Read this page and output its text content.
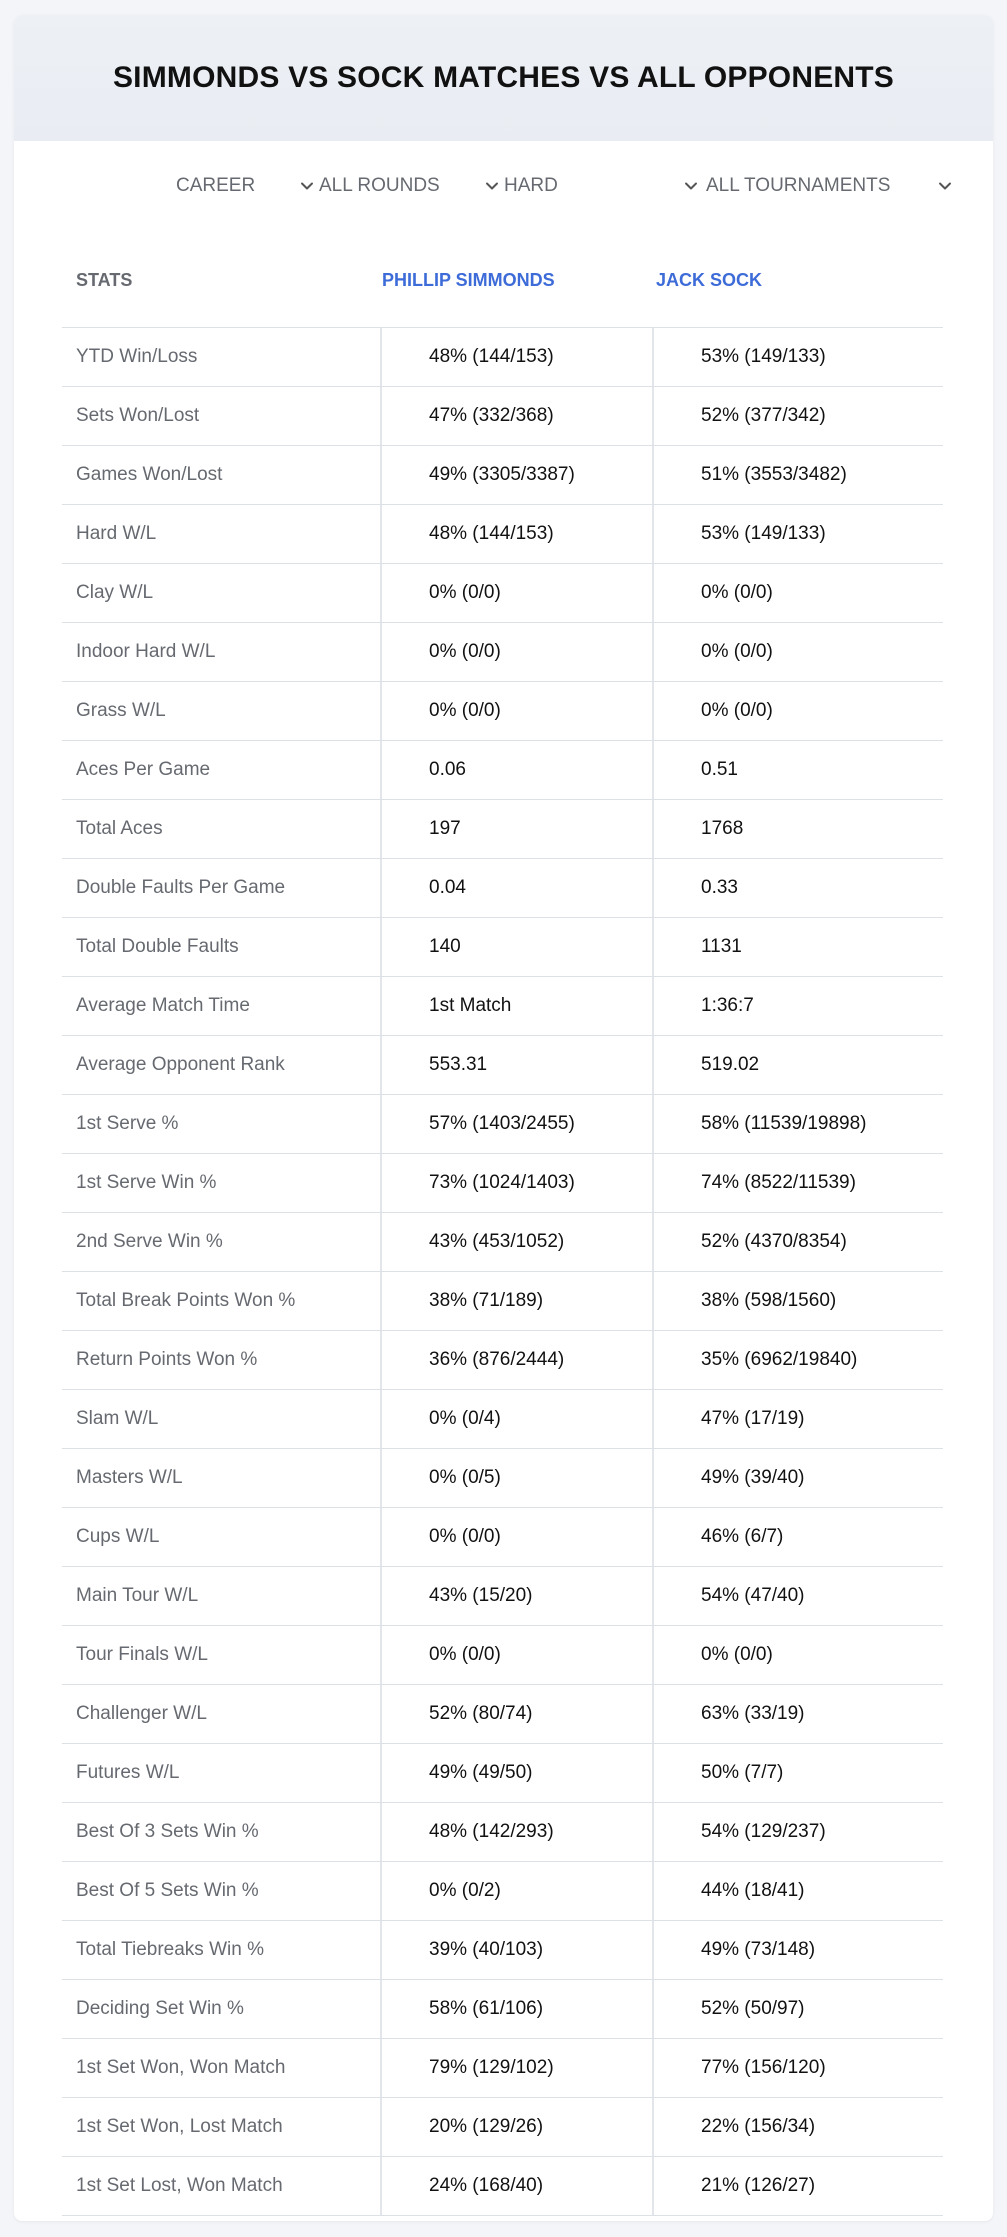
SIMMONDS VS SOCK MATCHES VS ALL OPPONENTS
CAREER	ALL ROUNDS	HARD	ALL TOURNAMENTS
STATS	PHILLIP SIMMONDS	JACK SOCK
YTD Win/Loss	48% (144/153)	53% (149/133)
Sets Won/Lost	47% (332/368)	52% (377/342)
Games Won/Lost	49% (3305/3387)	51% (3553/3482)
Hard W/L	48% (144/153)	53% (149/133)
Clay W/L	0% (0/0)	0% (0/0)
Indoor Hard W/L	0% (0/0)	0% (0/0)
Grass W/L	0% (0/0)	0% (0/0)
Aces Per Game	0.06	0.51
Total Aces	197	1768
Double Faults Per Game	0.04	0.33
Total Double Faults	140	1131
Average Match Time	1st Match	1:36:7
Average Opponent Rank	553.31	519.02
1st Serve %	57% (1403/2455)	58% (11539/19898)
1st Serve Win %	73% (1024/1403)	74% (8522/11539)
2nd Serve Win %	43% (453/1052)	52% (4370/8354)
Total Break Points Won %	38% (71/189)	38% (598/1560)
Return Points Won %	36% (876/2444)	35% (6962/19840)
Slam W/L	0% (0/4)	47% (17/19)
Masters W/L	0% (0/5)	49% (39/40)
Cups W/L	0% (0/0)	46% (6/7)
Main Tour W/L	43% (15/20)	54% (47/40)
Tour Finals W/L	0% (0/0)	0% (0/0)
Challenger W/L	52% (80/74)	63% (33/19)
Futures W/L	49% (49/50)	50% (7/7)
Best Of 3 Sets Win %	48% (142/293)	54% (129/237)
Best Of 5 Sets Win %	0% (0/2)	44% (18/41)
Total Tiebreaks Win %	39% (40/103)	49% (73/148)
Deciding Set Win %	58% (61/106)	52% (50/97)
1st Set Won, Won Match	79% (129/102)	77% (156/120)
1st Set Won, Lost Match	20% (129/26)	22% (156/34)
1st Set Lost, Won Match	24% (168/40)	21% (126/27)
